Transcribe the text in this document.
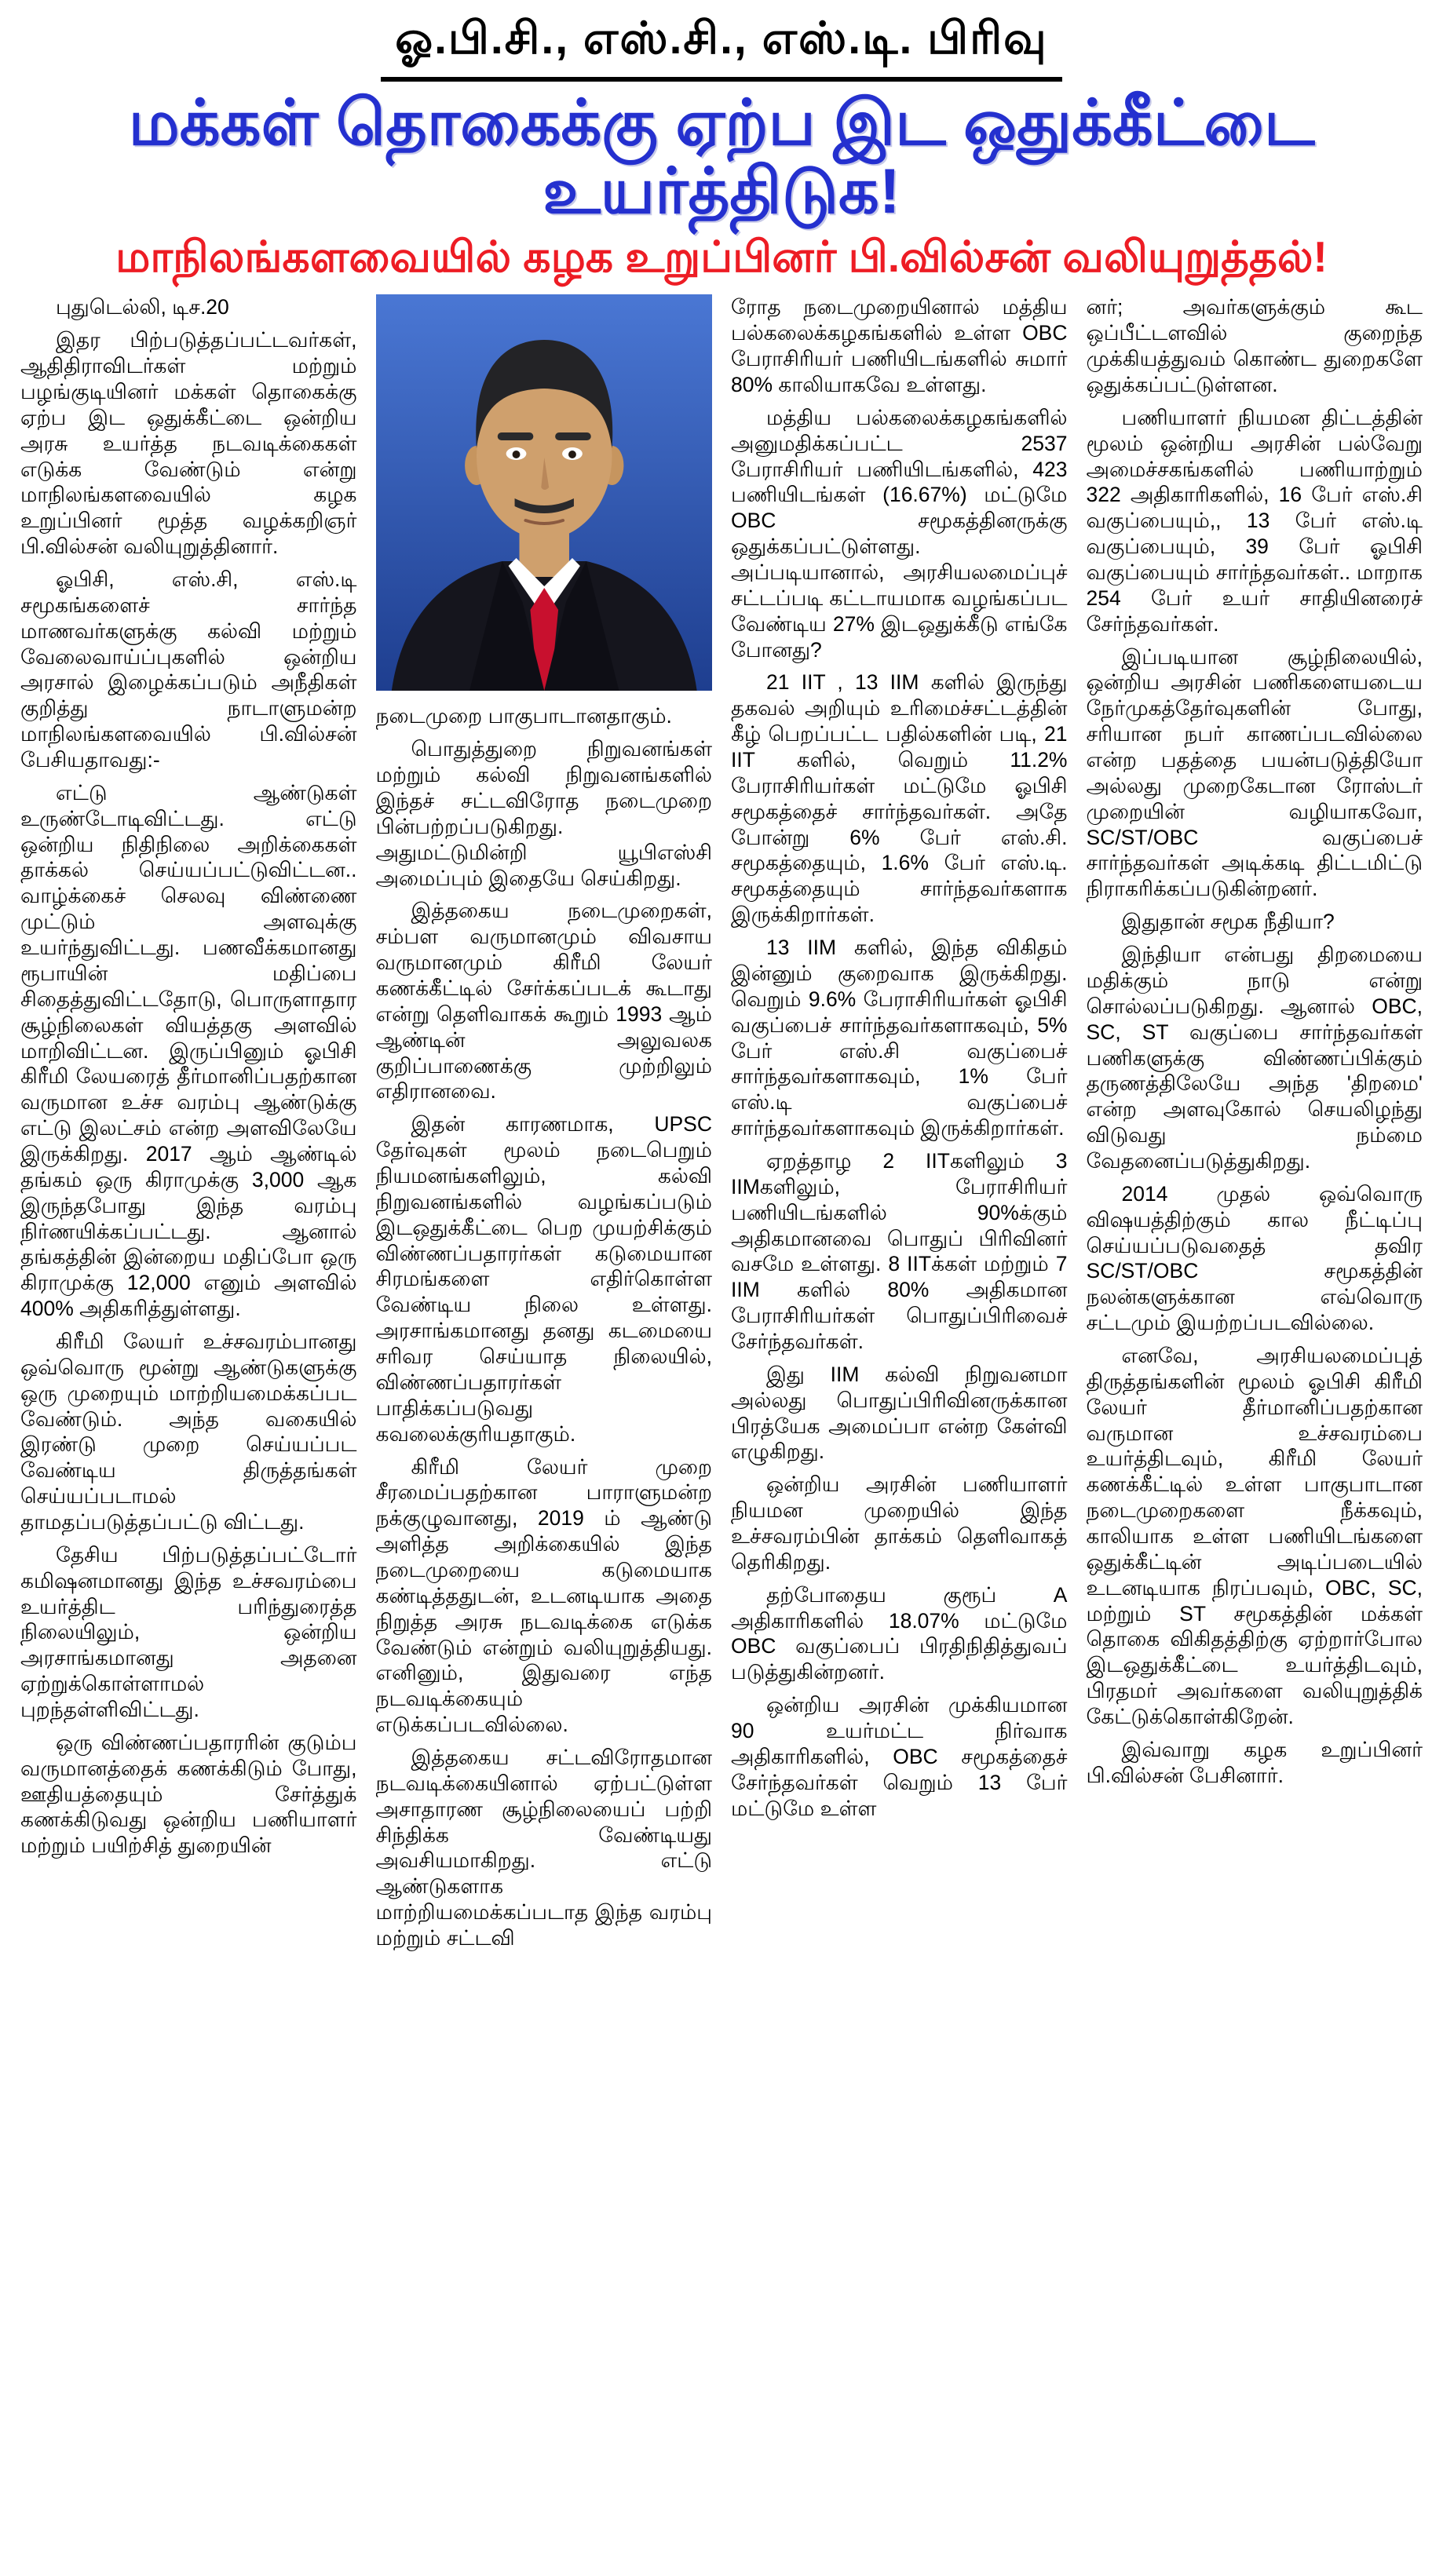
ஓ.பி.சி., எஸ்.சி., எஸ்.டி. பிரிவு
மக்கள் தொகைக்கு ஏற்ப இட ஒதுக்கீட்டை உயர்த்திடுக!
மாநிலங்களவையில் கழக உறுப்பினர் பி.வில்சன் வலியுறுத்தல்!

புதுடெல்லி, டிச.20

இதர பிற்படுத்தப்பட்டவர்கள், ஆதிதிராவிடர்கள் மற்றும் பழங்குடியினர் மக்கள் தொகைக்கு ஏற்ப இட ஒதுக்கீட்டை ஒன்றிய அரசு உயர்த்த நடவடிக்கைகள் எடுக்க வேண்டும் என்று மாநிலங்களவையில் கழக உறுப்பினர் மூத்த வழக்கறிஞர் பி.வில்சன் வலியுறுத்தினார்.

ஓபிசி, எஸ்.சி, எஸ்.டி சமூகங்களைச் சார்ந்த மாணவர்களுக்கு கல்வி மற்றும் வேலைவாய்ப்புகளில் ஒன்றிய அரசால் இழைக்கப்படும் அநீதிகள் குறித்து நாடாளுமன்ற மாநிலங்களவையில் பி.வில்சன் பேசியதாவது:-

எட்டு ஆண்டுகள் உருண்டோடிவிட்டது. எட்டு ஒன்றிய நிதிநிலை அறிக்கைகள் தாக்கல் செய்யப்பட்டுவிட்டன.. வாழ்க்கைச் செலவு விண்ணை முட்டும் அளவுக்கு உயர்ந்துவிட்டது. பணவீக்கமானது ரூபாயின் மதிப்பை சிதைத்துவிட்டதோடு, பொருளாதார சூழ்நிலைகள் வியத்தகு அளவில் மாறிவிட்டன. இருப்பினும் ஓபிசி கிரீமி லேயரைத் தீர்மானிப்பதற்கான வருமான உச்ச வரம்பு ஆண்டுக்கு எட்டு இலட்சம் என்ற அளவிலேயே இருக்கிறது. 2017 ஆம் ஆண்டில் தங்கம் ஒரு கிராமுக்கு 3,000 ஆக இருந்தபோது இந்த வரம்பு நிர்ணயிக்கப்பட்டது. ஆனால் தங்கத்தின் இன்றைய மதிப்போ ஒரு கிராமுக்கு 12,000 எனும் அளவில் 400% அதிகரித்துள்ளது.

கிரீமி லேயர் உச்சவரம்பானது ஒவ்வொரு மூன்று ஆண்டுகளுக்கு ஒரு முறையும் மாற்றியமைக்கப்பட வேண்டும். அந்த வகையில் இரண்டு முறை செய்யப்பட வேண்டிய திருத்தங்கள் செய்யப்படாமல் தாமதப்படுத்தப்பட்டு விட்டது.

தேசிய பிற்படுத்தப்பட்டோர் கமிஷனமானது இந்த உச்சவரம்பை உயர்த்திட பரிந்துரைத்த நிலையிலும், ஒன்றிய அரசாங்கமானது அதனை ஏற்றுக்கொள்ளாமல் புறந்தள்ளிவிட்டது.

ஒரு விண்ணப்பதாரரின் குடும்ப வருமானத்தைக் கணக்கிடும் போது, ஊதியத்தையும் சேர்த்துக் கணக்கிடுவது ஒன்றிய பணியாளர் மற்றும் பயிற்சித் துறையின்

நடைமுறை பாகுபாடானதாகும்.

பொதுத்துறை நிறுவனங்கள் மற்றும் கல்வி நிறுவனங்களில் இந்தச் சட்டவிரோத நடைமுறை பின்பற்றப்படுகிறது. அதுமட்டுமின்றி யூபிஎஸ்சி அமைப்பும் இதையே செய்கிறது.

இத்தகைய நடைமுறைகள், சம்பள வருமானமும் விவசாய வருமானமும் கிரீமி லேயர் கணக்கீட்டில் சேர்க்கப்படக் கூடாது என்று தெளிவாகக் கூறும் 1993 ஆம் ஆண்டின் அலுவலக குறிப்பாணைக்கு முற்றிலும் எதிரானவை.

இதன் காரணமாக, UPSC தேர்வுகள் மூலம் நடைபெறும் நியமனங்களிலும், கல்வி நிறுவனங்களில் வழங்கப்படும் இடஒதுக்கீட்டை பெற முயற்சிக்கும் விண்ணப்பதாரர்கள் கடுமையான சிரமங்களை எதிர்கொள்ள வேண்டிய நிலை உள்ளது. அரசாங்கமானது தனது கடமையை சரிவர செய்யாத நிலையில், விண்ணப்பதாரர்கள் பாதிக்கப்படுவது கவலைக்குரியதாகும்.

கிரீமி லேயர் முறை சீரமைப்பதற்கான பாராளுமன்ற நக்குழுவானது, 2019 ம் ஆண்டு அளித்த அறிக்கையில் இந்த நடைமுறையை கடுமையாக கண்டித்ததுடன், உடனடியாக அதை நிறுத்த அரசு நடவடிக்கை எடுக்க வேண்டும் என்றும் வலியுறுத்தியது. எனினும், இதுவரை எந்த நடவடிக்கையும் எடுக்கப்படவில்லை.

இத்தகைய சட்டவிரோதமான நடவடிக்கையினால் ஏற்பட்டுள்ள அசாதாரண சூழ்நிலையைப் பற்றி சிந்திக்க வேண்டியது அவசியமாகிறது. எட்டு ஆண்டுகளாக மாற்றியமைக்கப்படாத இந்த வரம்பு மற்றும் சட்டவி

ரோத நடைமுறையினால் மத்திய பல்கலைக்கழகங்களில் உள்ள OBC பேராசிரியர் பணியிடங்களில் சுமார் 80% காலியாகவே உள்ளது.

மத்திய பல்கலைக்கழகங்களில் அனுமதிக்கப்பட்ட 2537 பேராசிரியர் பணியிடங்களில், 423 பணியிடங்கள் (16.67%) மட்டுமே OBC சமூகத்தினருக்கு ஒதுக்கப்பட்டுள்ளது. அப்படியானால், அரசியலமைப்புச் சட்டப்படி கட்டாயமாக வழங்கப்பட வேண்டிய 27% இடஒதுக்கீடு எங்கே போனது?

21 IIT , 13 IIM களில் இருந்து தகவல் அறியும் உரிமைச்சட்டத்தின் கீழ் பெறப்பட்ட பதில்களின் படி, 21 IIT களில், வெறும் 11.2% பேராசிரியர்கள் மட்டுமே ஓபிசி சமூகத்தைச் சார்ந்தவர்கள். அதே போன்று 6% பேர் எஸ்.சி. சமூகத்தையும், 1.6% பேர் எஸ்.டி. சமூகத்தையும் சார்ந்தவர்களாக இருக்கிறார்கள்.

13 IIM களில், இந்த விகிதம் இன்னும் குறைவாக இருக்கிறது. வெறும் 9.6% பேராசிரியர்கள் ஓபிசி வகுப்பைச் சார்ந்தவர்களாகவும், 5% பேர் எஸ்.சி வகுப்பைச் சார்ந்தவர்களாகவும், 1% பேர் எஸ்.டி வகுப்பைச் சார்ந்தவர்களாகவும் இருக்கிறார்கள்.

ஏறத்தாழ 2 IITகளிலும் 3 IIMகளிலும், பேராசிரியர் பணியிடங்களில் 90%க்கும் அதிகமானவை பொதுப் பிரிவினர் வசமே உள்ளது. 8 IITக்கள் மற்றும் 7 IIM களில் 80% அதிகமான பேராசிரியர்கள் பொதுப்பிரிவைச் சேர்ந்தவர்கள்.

இது IIM கல்வி நிறுவனமா அல்லது பொதுப்பிரிவினருக்கான பிரத்யேக அமைப்பா என்ற கேள்வி எழுகிறது.

ஒன்றிய அரசின் பணியாளர் நியமன முறையில் இந்த உச்சவரம்பின் தாக்கம் தெளிவாகத் தெரிகிறது.

தற்போதைய குரூப் A அதிகாரிகளில் 18.07% மட்டுமே OBC வகுப்பைப் பிரதிநிதித்துவப் படுத்துகின்றனர்.

ஒன்றிய அரசின் முக்கியமான 90 உயர்மட்ட நிர்வாக அதிகாரிகளில், OBC சமூகத்தைச் சேர்ந்தவர்கள் வெறும் 13 பேர் மட்டுமே உள்ள

னர்; அவர்களுக்கும் கூட ஒப்பீட்டளவில் குறைந்த முக்கியத்துவம் கொண்ட துறைகளே ஒதுக்கப்பட்டுள்ளன.

பணியாளர் நியமன திட்டத்தின் மூலம் ஒன்றிய அரசின் பல்வேறு அமைச்சகங்களில் பணியாற்றும் 322 அதிகாரிகளில், 16 பேர் எஸ்.சி வகுப்பையும்,, 13 பேர் எஸ்.டி வகுப்பையும், 39 பேர் ஓபிசி வகுப்பையும் சார்ந்தவர்கள்.. மாறாக 254 பேர் உயர் சாதியினரைச் சேர்ந்தவர்கள்.

இப்படியான சூழ்நிலையில், ஒன்றிய அரசின் பணிகளையடைய நேர்முகத்தேர்வுகளின் போது, சரியான நபர் காணப்படவில்லை என்ற பதத்தை பயன்படுத்தியோ அல்லது முறைகேடான ரோஸ்டர் முறையின் வழியாகவோ, SC/ST/OBC வகுப்பைச் சார்ந்தவர்கள் அடிக்கடி திட்டமிட்டு நிராகரிக்கப்படுகின்றனர்.

இதுதான் சமூக நீதியா?

இந்தியா என்பது திறமையை மதிக்கும் நாடு என்று சொல்லப்படுகிறது. ஆனால் OBC, SC, ST வகுப்பை சார்ந்தவர்கள் பணிகளுக்கு விண்ணப்பிக்கும் தருணத்திலேயே அந்த 'திறமை' என்ற அளவுகோல் செயலிழந்து விடுவது நம்மை வேதனைப்படுத்துகிறது.

2014 முதல் ஒவ்வொரு விஷயத்திற்கும் கால நீட்டிப்பு செய்யப்படுவதைத் தவிர SC/ST/OBC சமூகத்தின் நலன்களுக்கான எவ்வொரு சட்டமும் இயற்றப்படவில்லை.

எனவே, அரசியலமைப்புத் திருத்தங்களின் மூலம் ஓபிசி கிரீமி லேயர் தீர்மானிப்பதற்கான வருமான உச்சவரம்பை உயர்த்திடவும், கிரீமி லேயர் கணக்கீட்டில் உள்ள பாகுபாடான நடைமுறைகளை நீக்கவும், காலியாக உள்ள பணியிடங்களை ஒதுக்கீட்டின் அடிப்படையில் உடனடியாக நிரப்பவும், OBC, SC, மற்றும் ST சமூகத்தின் மக்கள் தொகை விகிதத்திற்கு ஏற்றார்போல இடஒதுக்கீட்டை உயர்த்திடவும், பிரதமர் அவர்களை வலியுறுத்திக் கேட்டுக்கொள்கிறேன்.

இவ்வாறு கழக உறுப்பினர் பி.வில்சன் பேசினார்.
